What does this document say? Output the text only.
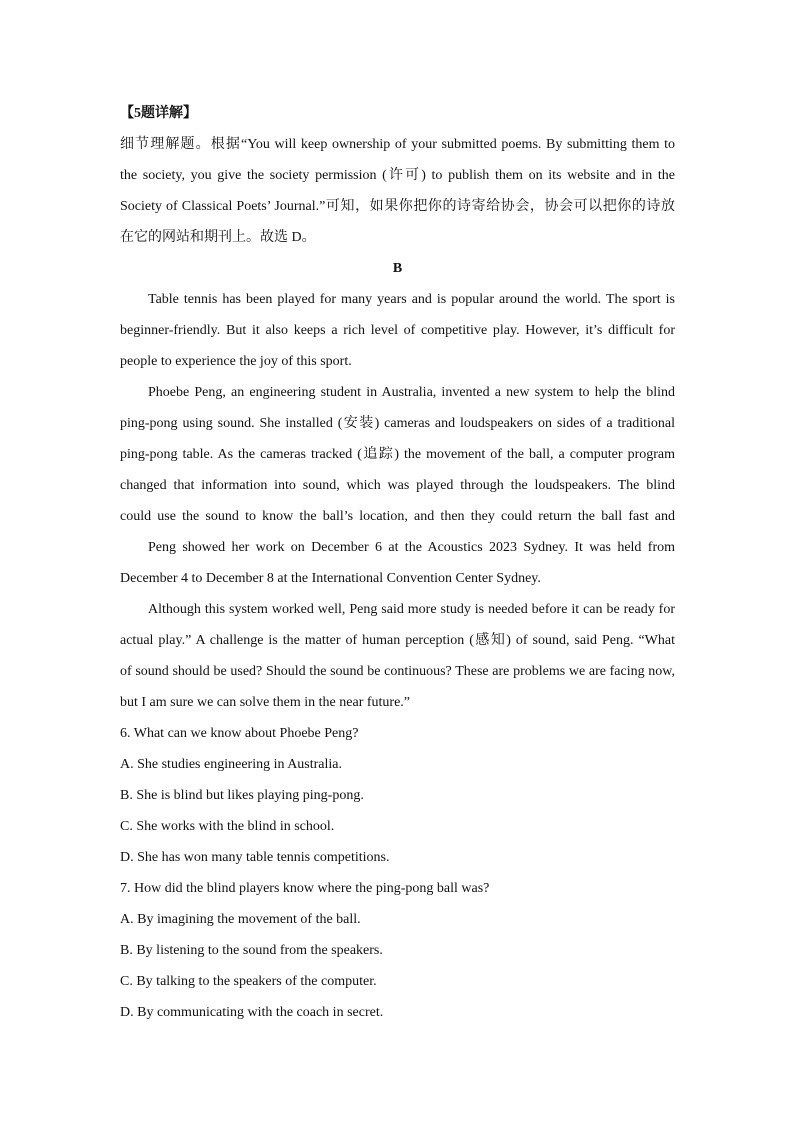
【5题详解】
细节理解题。根据“You will keep ownership of your submitted poems. By submitting them to
the society, you give the society permission (许可) to publish them on its website and in the
Society of Classical Poets’ Journal.”可知，如果你把你的诗寄给协会，协会可以把你的诗放
在它的网站和期刊上。故选 D。
B
Table tennis has been played for many years and is popular around the world. The sport is
beginner-friendly. But it also keeps a rich level of competitive play. However, it’s difficult for
people to experience the joy of this sport.
Phoebe Peng, an engineering student in Australia, invented a new system to help the blind
ping-pong using sound. She installed (安装) cameras and loudspeakers on sides of a traditional
ping-pong table. As the cameras tracked (追踪) the movement of the ball, a computer program
changed that information into sound, which was played through the loudspeakers. The blind
could use the sound to know the ball’s location, and then they could return the ball fast and
Peng showed her work on December 6 at the Acoustics 2023 Sydney. It was held from
December 4 to December 8 at the International Convention Center Sydney.
Although this system worked well, Peng said more study is needed before it can be ready for
actual play.” A challenge is the matter of human perception (感知) of sound, said Peng. “What
of sound should be used? Should the sound be continuous? These are problems we are facing now,
but I am sure we can solve them in the near future.”
6. What can we know about Phoebe Peng?
A. She studies engineering in Australia.
B. She is blind but likes playing ping-pong.
C. She works with the blind in school.
D. She has won many table tennis competitions.
7. How did the blind players know where the ping-pong ball was?
A. By imagining the movement of the ball.
B. By listening to the sound from the speakers.
C. By talking to the speakers of the computer.
D. By communicating with the coach in secret.
